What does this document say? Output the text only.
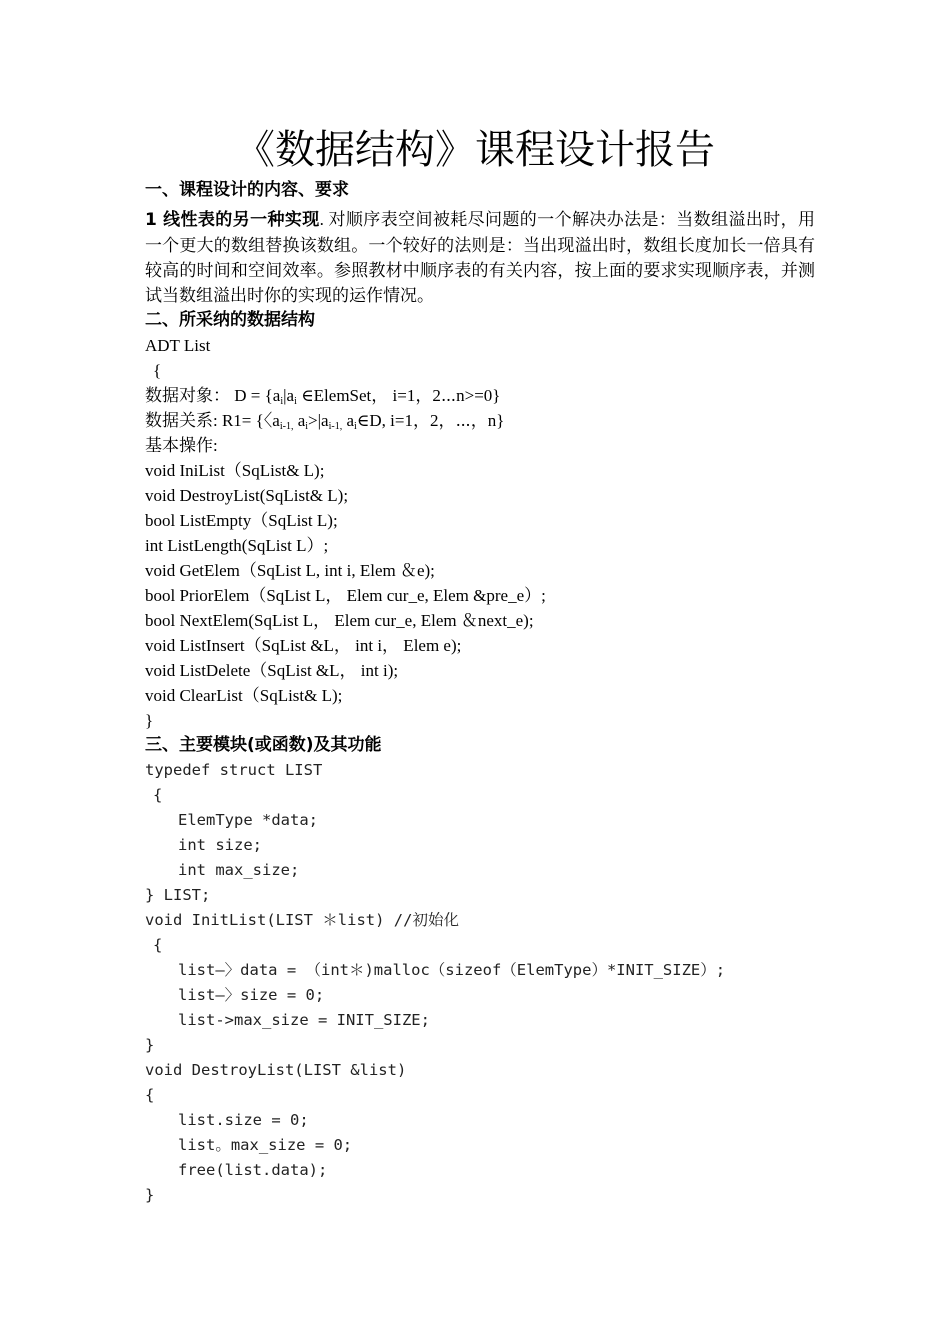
《数据结构》课程设计报告
一、课程设计的内容、要求
1 线性表的另一种实现. 对顺序表空间被耗尽问题的一个解决办法是：当数组溢出时，用一个更大的数组替换该数组。一个较好的法则是：当出现溢出时，数组长度加长一倍具有较高的时间和空间效率。参照教材中顺序表的有关内容，按上面的要求实现顺序表，并测试当数组溢出时你的实现的运作情况。
二、所采纳的数据结构
ADT List
{
数据对象： $D = \{a_i|a_i$ ∈ElemSet， i=1，2⋯n>=0}
数据关系: R1= {〈$a_{i-1,}$ $a_i>|a_{i-1,}$ $a_i\in D$, i=1，2，⋯，n}
基本操作:
void IniList（SqList& L);
void DestroyList(SqList& L);
bool ListEmpty（SqList L);
int ListLength(SqList L）;
void GetElem（SqList L, int i, Elem ＆e);
bool PriorElem（SqList L， Elem cur_e, Elem &pre_e）;
bool NextElem(SqList L， Elem cur_e, Elem ＆next_e);
void ListInsert（SqList &L， int i， Elem e);
void ListDelete（SqList &L， int i);
void ClearList（SqList& L);
}
三、主要模块(或函数)及其功能
typedef struct LIST
{
ElemType *data;
int size;
int max_size;
} LIST;
void InitList(LIST ＊list) //初始化
{
list—〉data = （int＊)malloc（sizeof（ElemType）*INIT_SIZE）;
list—〉size = 0;
list->max_size = INIT_SIZE;
}
void DestroyList(LIST &list)
{
list.size = 0;
list。max_size = 0;
free(list.data);
}
